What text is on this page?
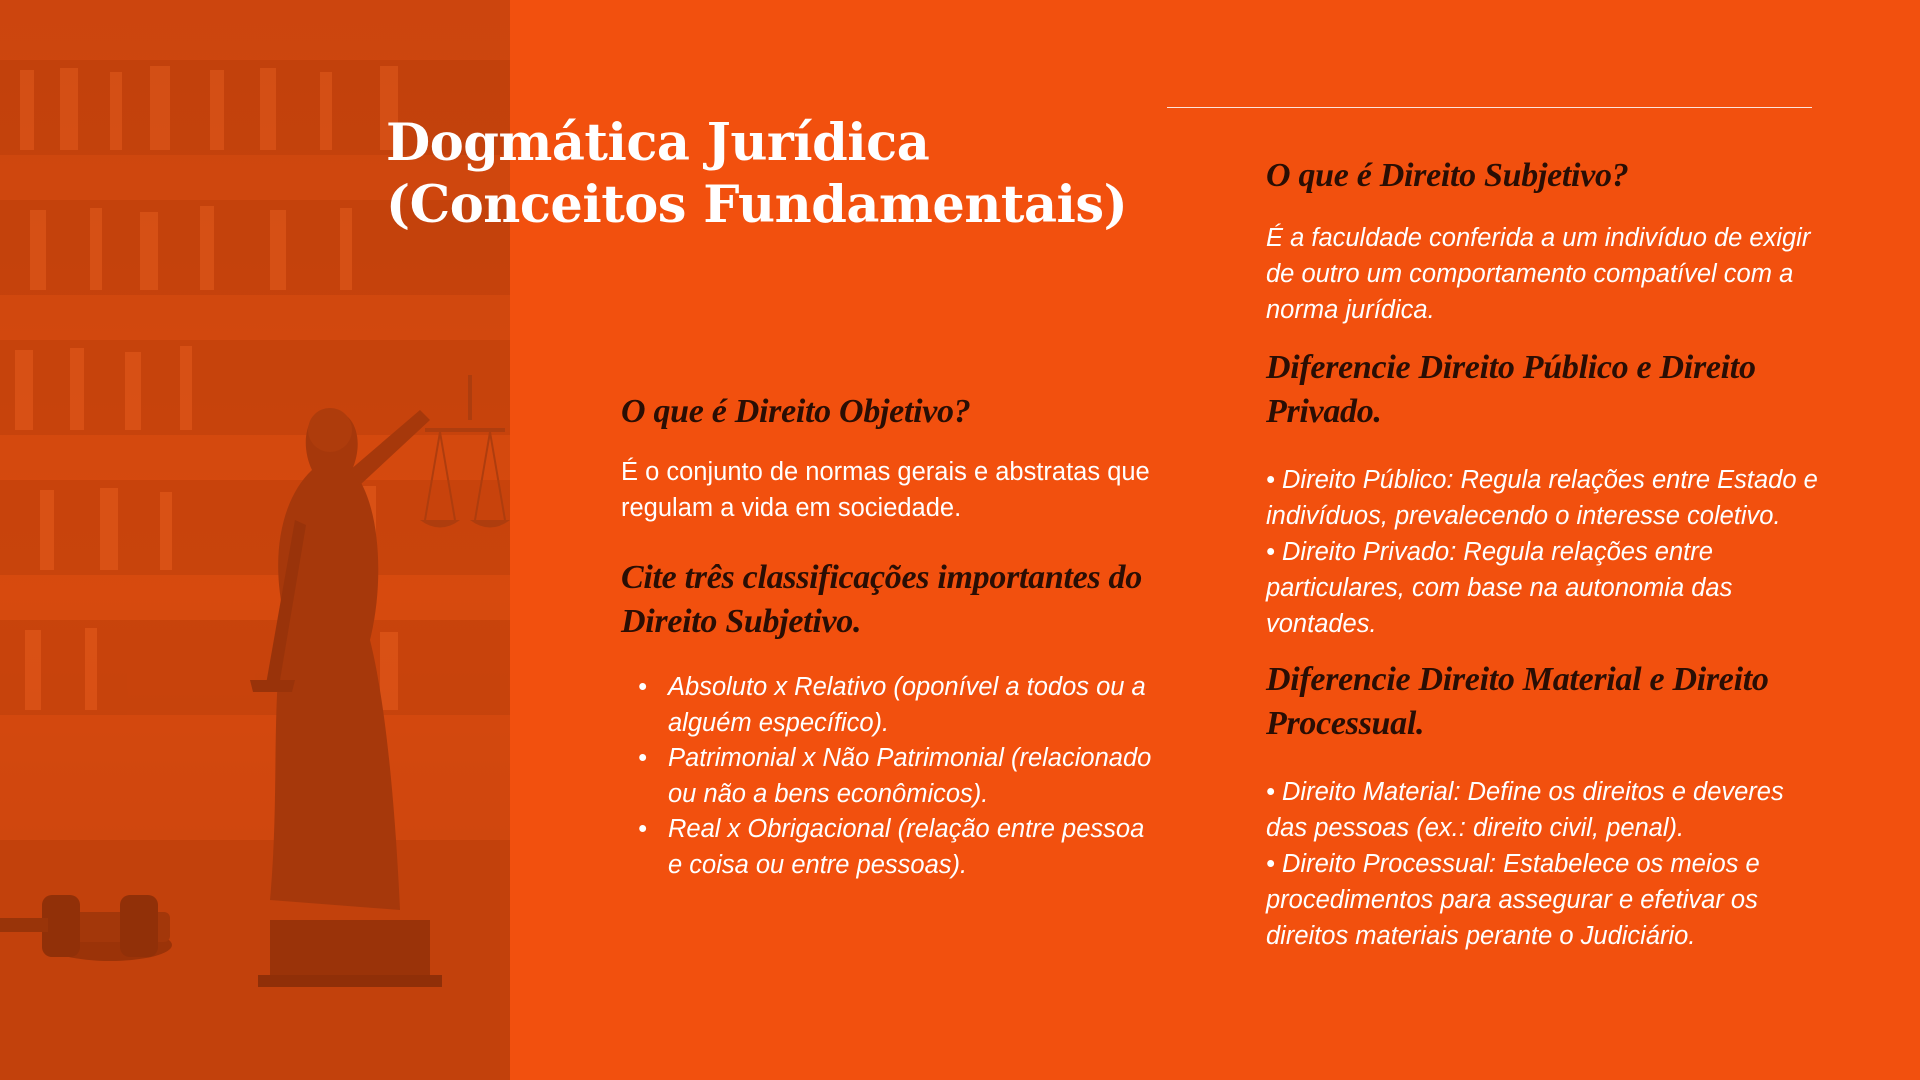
Dogmática Jurídica
(Conceitos Fundamentais)
O que é Direito Objetivo?

É o conjunto de normas gerais e abstratas que regulam a vida em sociedade.

Cite três classificações importantes do Direito Subjetivo.
• Absoluto x Relativo (oponível a todos ou a alguém específico).
• Patrimonial x Não Patrimonial (relacionado ou não a bens econômicos).
• Real x Obrigacional (relação entre pessoa e coisa ou entre pessoas).
O que é Direito Subjetivo?

É a faculdade conferida a um indivíduo de exigir de outro um comportamento compatível com a norma jurídica.

Diferencie Direito Público e Direito Privado.
• Direito Público: Regula relações entre Estado e indivíduos, prevalecendo o interesse coletivo.
• Direito Privado: Regula relações entre particulares, com base na autonomia das vontades.
Diferencie Direito Material e Direito Processual.
• Direito Material: Define os direitos e deveres das pessoas (ex.: direito civil, penal).
• Direito Processual: Estabelece os meios e procedimentos para assegurar e efetivar os direitos materiais perante o Judiciário.
